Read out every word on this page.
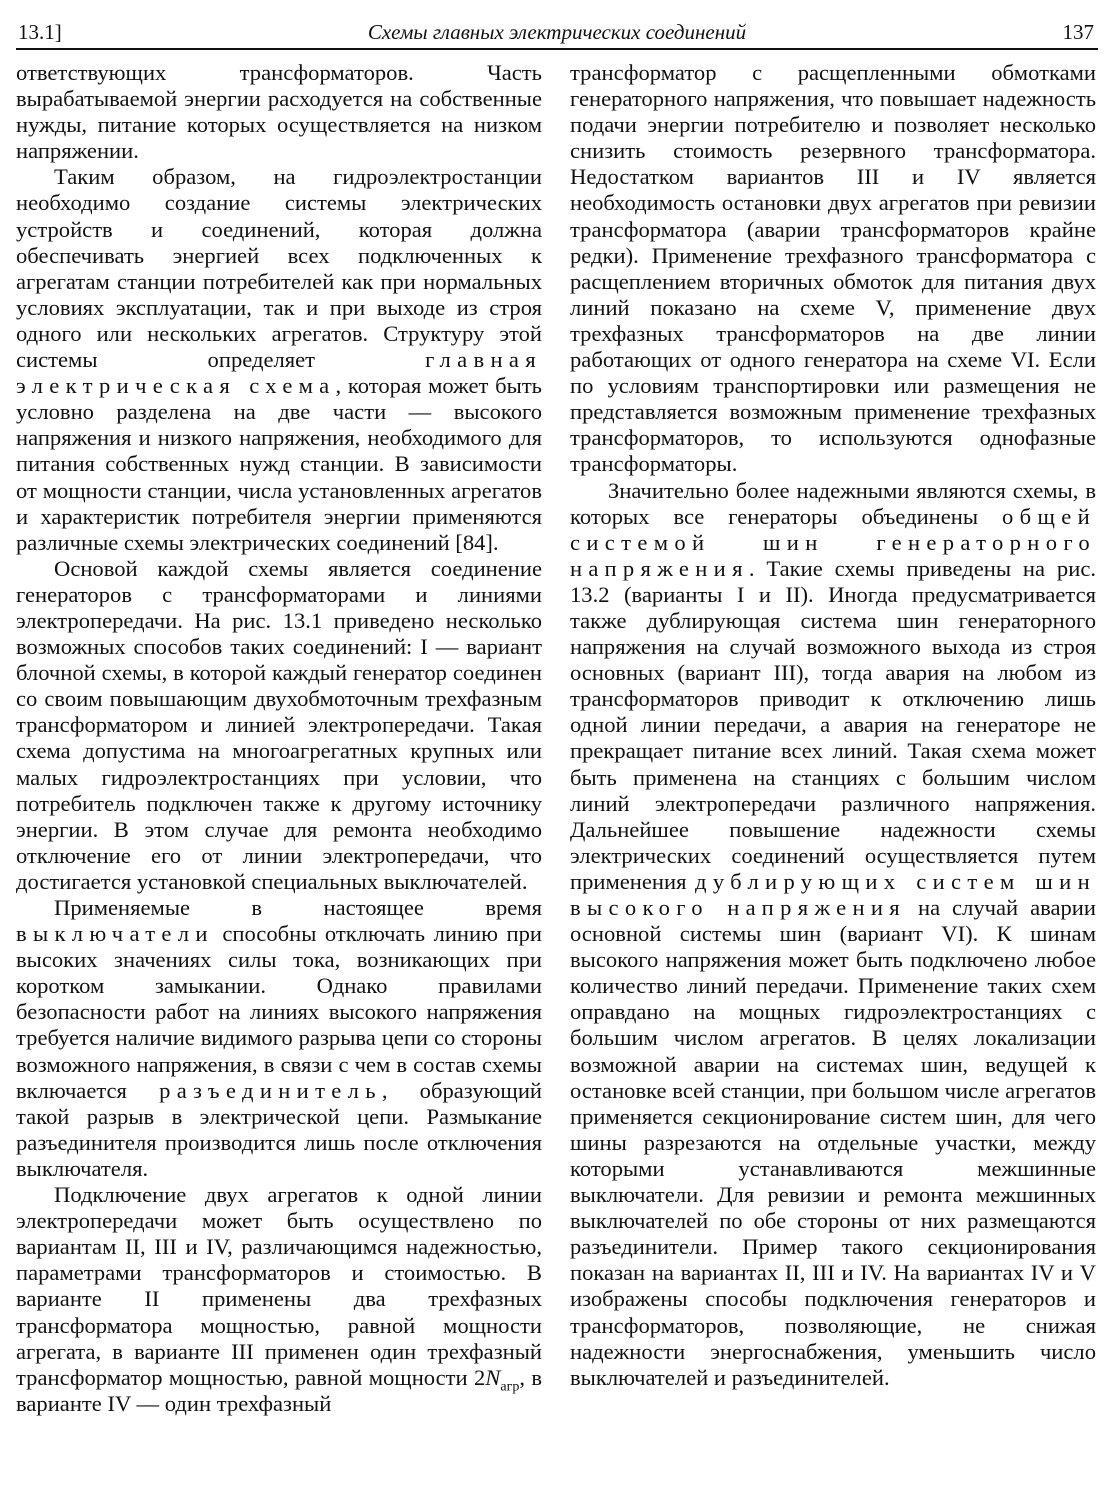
13.1]	Схемы главных электрических соединений	137

ответствующих трансформаторов. Часть вырабатываемой энергии расходуется на собственные нужды, питание которых осуществляется на низком напряжении.

Таким образом, на гидроэлектростанции необходимо создание системы электрических устройств и соединений, которая должна обеспечивать энергией всех подключенных к агрегатам станции потребителей как при нормальных условиях эксплуатации, так и при выходе из строя одного или нескольких агрегатов. Структуру этой системы определяет главная электрическая схема, которая может быть условно разделена на две части — высокого напряжения и низкого напряжения, необходимого для питания собственных нужд станции. В зависимости от мощности станции, числа установленных агрегатов и характеристик потребителя энергии применяются различные схемы электрических соединений [84].

Основой каждой схемы является соединение генераторов с трансформаторами и линиями электропередачи. На рис. 13.1 приведено несколько возможных способов таких соединений: I — вариант блочной схемы, в которой каждый генератор соединен со своим повышающим двухобмоточным трехфазным трансформатором и линией электропередачи. Такая схема допустима на многоагрегатных крупных или малых гидроэлектростанциях при условии, что потребитель подключен также к другому источнику энергии. В этом случае для ремонта необходимо отключение его от линии электропередачи, что достигается установкой специальных выключателей.

Применяемые в настоящее время выключатели способны отключать линию при высоких значениях силы тока, возникающих при коротком замыкании. Однако правилами безопасности работ на линиях высокого напряжения требуется наличие видимого разрыва цепи со стороны возможного напряжения, в связи с чем в состав схемы включается разъединитель, образующий такой разрыв в электрической цепи. Размыкание разъединителя производится лишь после отключения выключателя.

Подключение двух агрегатов к одной линии электропередачи может быть осуществлено по вариантам II, III и IV, различающимся надежностью, параметрами трансформаторов и стоимостью. В варианте II применены два трехфазных трансформатора мощностью, равной мощности агрегата, в варианте III применен один трехфазный трансформатор мощностью, равной мощности $2N_{агр}$, в варианте IV — один трехфазный

трансформатор с расщепленными обмотками генераторного напряжения, что повышает надежность подачи энергии потребителю и позволяет несколько снизить стоимость резервного трансформатора. Недостатком вариантов III и IV является необходимость остановки двух агрегатов при ревизии трансформатора (аварии трансформаторов крайне редки). Применение трехфазного трансформатора с расщеплением вторичных обмоток для питания двух линий показано на схеме V, применение двух трехфазных трансформаторов на две линии работающих от одного генератора на схеме VI. Если по условиям транспортировки или размещения не представляется возможным применение трехфазных трансформаторов, то используются однофазные трансформаторы.

Значительно более надежными являются схемы, в которых все генераторы объединены общей системой шин генераторного напряжения. Такие схемы приведены на рис. 13.2 (варианты I и II). Иногда предусматривается также дублирующая система шин генераторного напряжения на случай возможного выхода из строя основных (вариант III), тогда авария на любом из трансформаторов приводит к отключению лишь одной линии передачи, а авария на генераторе не прекращает питание всех линий. Такая схема может быть применена на станциях с большим числом линий электропередачи различного напряжения. Дальнейшее повышение надежности схемы электрических соединений осуществляется путем применения дублирующих систем шин высокого напряжения на случай аварии основной системы шин (вариант VI). К шинам высокого напряжения может быть подключено любое количество линий передачи. Применение таких схем оправдано на мощных гидроэлектростанциях с большим числом агрегатов. В целях локализации возможной аварии на системах шин, ведущей к остановке всей станции, при большом числе агрегатов применяется секционирование систем шин, для чего шины разрезаются на отдельные участки, между которыми устанавливаются межшинные выключатели. Для ревизии и ремонта межшинных выключателей по обе стороны от них размещаются разъединители. Пример такого секционирования показан на вариантах II, III и IV. На вариантах IV и V изображены способы подключения генераторов и трансформаторов, позволяющие, не снижая надежности энергоснабжения, уменьшить число выключателей и разъединителей.
